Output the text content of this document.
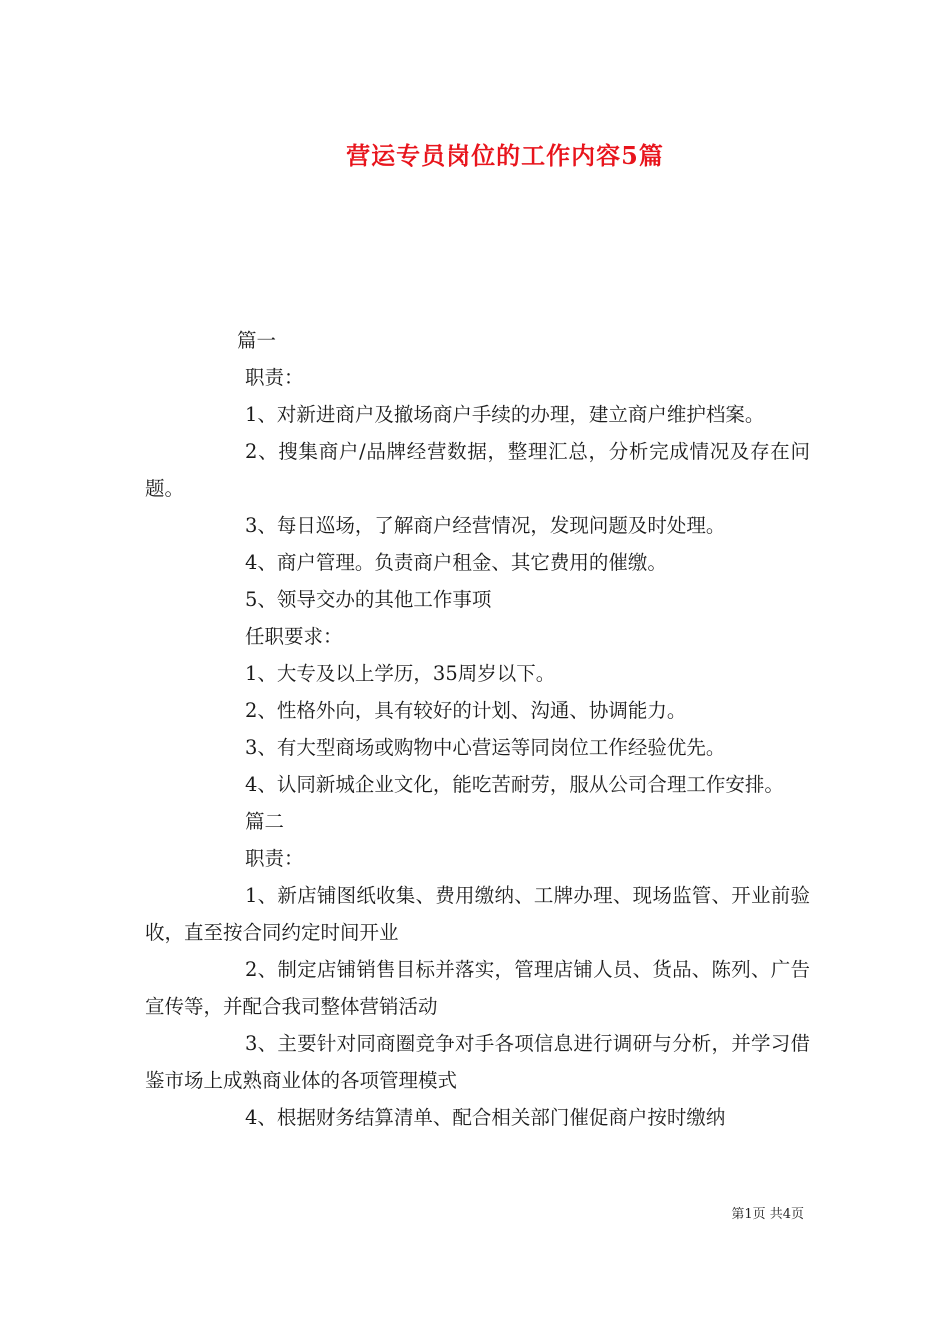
营运专员岗位的工作内容5篇

篇一

职责：

1、对新进商户及撤场商户手续的办理，建立商户维护档案。

2、搜集商户/品牌经营数据，整理汇总，分析完成情况及存在问题。

3、每日巡场，了解商户经营情况，发现问题及时处理。

4、商户管理。负责商户租金、其它费用的催缴。

5、领导交办的其他工作事项

任职要求：

1、大专及以上学历，35周岁以下。

2、性格外向，具有较好的计划、沟通、协调能力。

3、有大型商场或购物中心营运等同岗位工作经验优先。

4、认同新城企业文化，能吃苦耐劳，服从公司合理工作安排。

篇二

职责：

1、新店铺图纸收集、费用缴纳、工牌办理、现场监管、开业前验收，直至按合同约定时间开业

2、制定店铺销售目标并落实，管理店铺人员、货品、陈列、广告宣传等，并配合我司整体营销活动

3、主要针对同商圈竞争对手各项信息进行调研与分析，并学习借鉴市场上成熟商业体的各项管理模式

4、根据财务结算清单、配合相关部门催促商户按时缴纳

第1页 共4页
